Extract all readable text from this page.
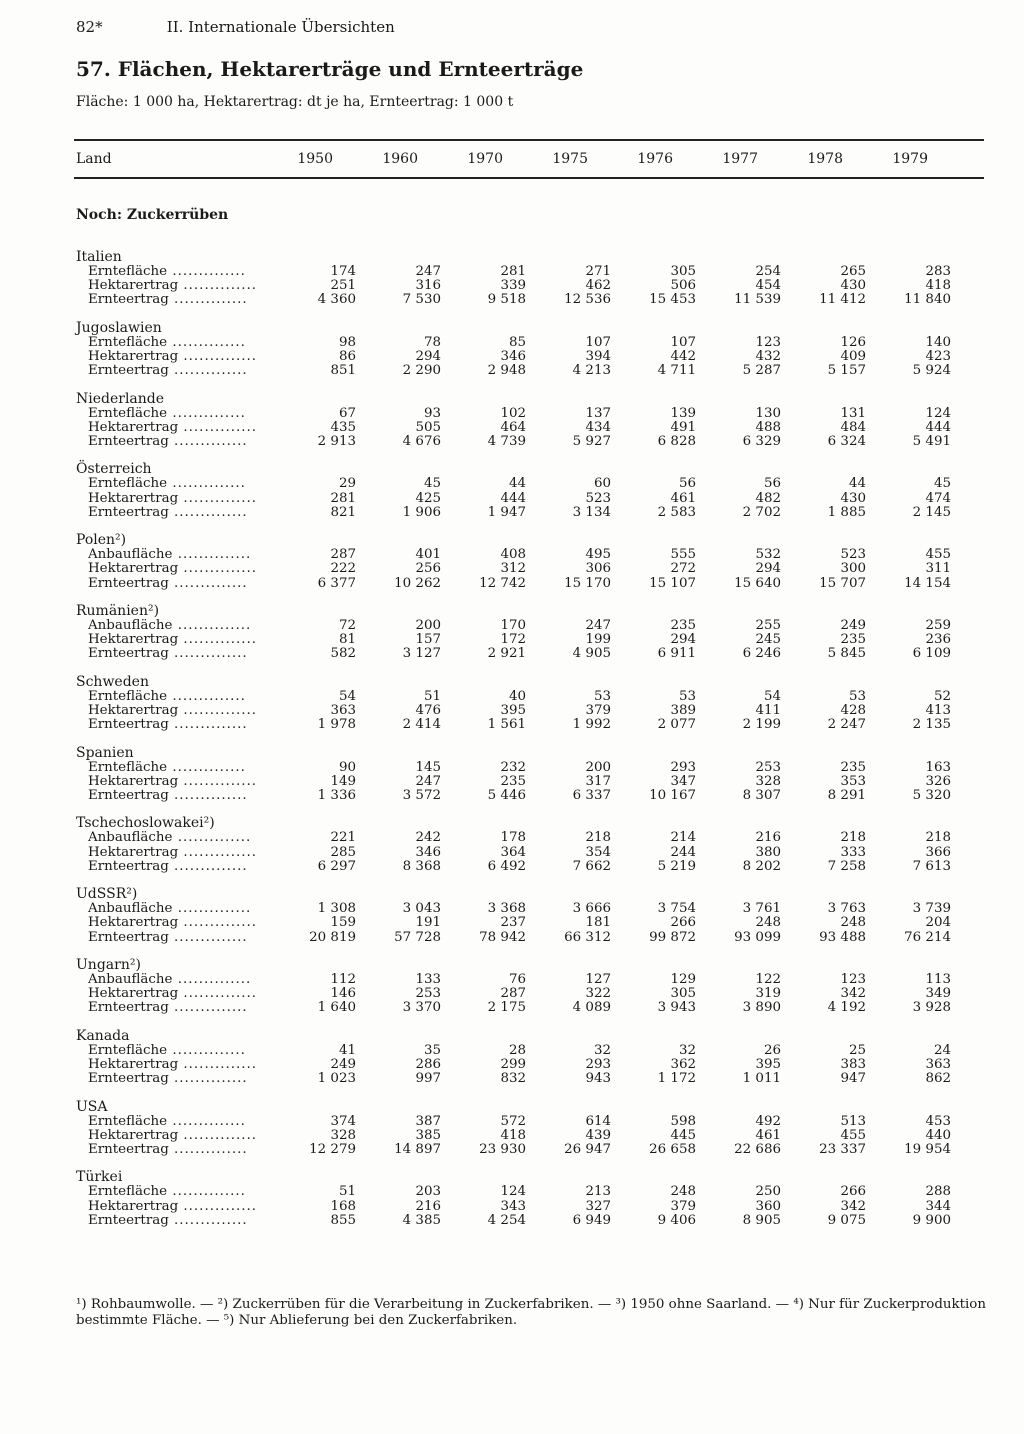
82*	II. Internationale Übersichten
57. Flächen, Hektarerträge und Ernteerträge
Fläche: 1 000 ha, Hektarertrag: dt je ha, Ernteertrag: 1 000 t
Land	1950	1960	1970	1975	1976	1977	1978	1979
Noch: Zuckerrüben
Italien
Erntefläche ..............	174	247	281	271	305	254	265	283
Hektarertrag ..............	251	316	339	462	506	454	430	418
Ernteertrag ..............	4 360	7 530	9 518	12 536	15 453	11 539	11 412	11 840
Jugoslawien
Erntefläche ..............	98	78	85	107	107	123	126	140
Hektarertrag ..............	86	294	346	394	442	432	409	423
Ernteertrag ..............	851	2 290	2 948	4 213	4 711	5 287	5 157	5 924
Niederlande
Erntefläche ..............	67	93	102	137	139	130	131	124
Hektarertrag ..............	435	505	464	434	491	488	484	444
Ernteertrag ..............	2 913	4 676	4 739	5 927	6 828	6 329	6 324	5 491
Österreich
Erntefläche ..............	29	45	44	60	56	56	44	45
Hektarertrag ..............	281	425	444	523	461	482	430	474
Ernteertrag ..............	821	1 906	1 947	3 134	2 583	2 702	1 885	2 145
Polen²)
Anbaufläche ..............	287	401	408	495	555	532	523	455
Hektarertrag ..............	222	256	312	306	272	294	300	311
Ernteertrag ..............	6 377	10 262	12 742	15 170	15 107	15 640	15 707	14 154
Rumänien²)
Anbaufläche ..............	72	200	170	247	235	255	249	259
Hektarertrag ..............	81	157	172	199	294	245	235	236
Ernteertrag ..............	582	3 127	2 921	4 905	6 911	6 246	5 845	6 109
Schweden
Erntefläche ..............	54	51	40	53	53	54	53	52
Hektarertrag ..............	363	476	395	379	389	411	428	413
Ernteertrag ..............	1 978	2 414	1 561	1 992	2 077	2 199	2 247	2 135
Spanien
Erntefläche ..............	90	145	232	200	293	253	235	163
Hektarertrag ..............	149	247	235	317	347	328	353	326
Ernteertrag ..............	1 336	3 572	5 446	6 337	10 167	8 307	8 291	5 320
Tschechoslowakei²)
Anbaufläche ..............	221	242	178	218	214	216	218	218
Hektarertrag ..............	285	346	364	354	244	380	333	366
Ernteertrag ..............	6 297	8 368	6 492	7 662	5 219	8 202	7 258	7 613
UdSSR²)
Anbaufläche ..............	1 308	3 043	3 368	3 666	3 754	3 761	3 763	3 739
Hektarertrag ..............	159	191	237	181	266	248	248	204
Ernteertrag ..............	20 819	57 728	78 942	66 312	99 872	93 099	93 488	76 214
Ungarn²)
Anbaufläche ..............	112	133	76	127	129	122	123	113
Hektarertrag ..............	146	253	287	322	305	319	342	349
Ernteertrag ..............	1 640	3 370	2 175	4 089	3 943	3 890	4 192	3 928
Kanada
Erntefläche ..............	41	35	28	32	32	26	25	24
Hektarertrag ..............	249	286	299	293	362	395	383	363
Ernteertrag ..............	1 023	997	832	943	1 172	1 011	947	862
USA
Erntefläche ..............	374	387	572	614	598	492	513	453
Hektarertrag ..............	328	385	418	439	445	461	455	440
Ernteertrag ..............	12 279	14 897	23 930	26 947	26 658	22 686	23 337	19 954
Türkei
Erntefläche ..............	51	203	124	213	248	250	266	288
Hektarertrag ..............	168	216	343	327	379	360	342	344
Ernteertrag ..............	855	4 385	4 254	6 949	9 406	8 905	9 075	9 900
¹) Rohbaumwolle. — ²) Zuckerrüben für die Verarbeitung in Zuckerfabriken. — ³) 1950 ohne Saarland. — ⁴) Nur für Zuckerproduktion bestimmte Fläche. — ⁵) Nur Ablieferung bei den Zuckerfabriken.
